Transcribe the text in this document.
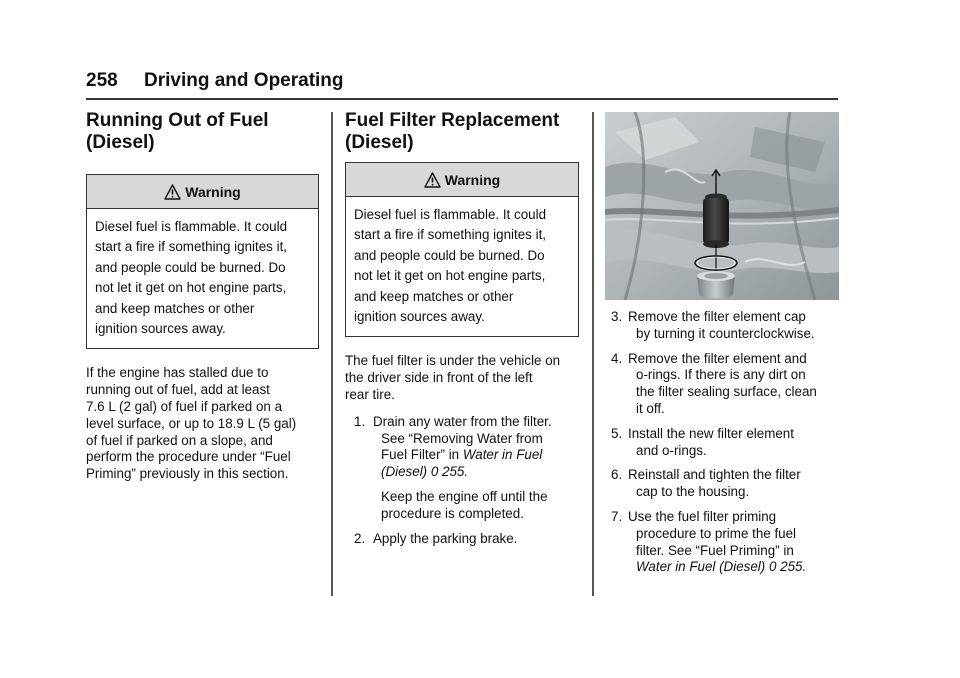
258 Driving and Operating
Running Out of Fuel
(Diesel)
Warning
Diesel fuel is flammable. It could
start a fire if something ignites it,
and people could be burned. Do
not let it get on hot engine parts,
and keep matches or other
ignition sources away.
If the engine has stalled due to
running out of fuel, add at least
7.6 L (2 gal) of fuel if parked on a
level surface, or up to 18.9 L (5 gal)
of fuel if parked on a slope, and
perform the procedure under “Fuel
Priming” previously in this section.
Fuel Filter Replacement
(Diesel)
Warning
Diesel fuel is flammable. It could
start a fire if something ignites it,
and people could be burned. Do
not let it get on hot engine parts,
and keep matches or other
ignition sources away.
The fuel filter is under the vehicle on
the driver side in front of the left
rear tire.
1. Drain any water from the filter.
See “Removing Water from
Fuel Filter” in Water in Fuel
(Diesel) 0 255.
Keep the engine off until the
procedure is completed.
2. Apply the parking brake.
3. Remove the filter element cap
by turning it counterclockwise.
4. Remove the filter element and
o-rings. If there is any dirt on
the filter sealing surface, clean
it off.
5. Install the new filter element
and o-rings.
6. Reinstall and tighten the filter
cap to the housing.
7. Use the fuel filter priming
procedure to prime the fuel
filter. See “Fuel Priming” in
Water in Fuel (Diesel) 0 255.
